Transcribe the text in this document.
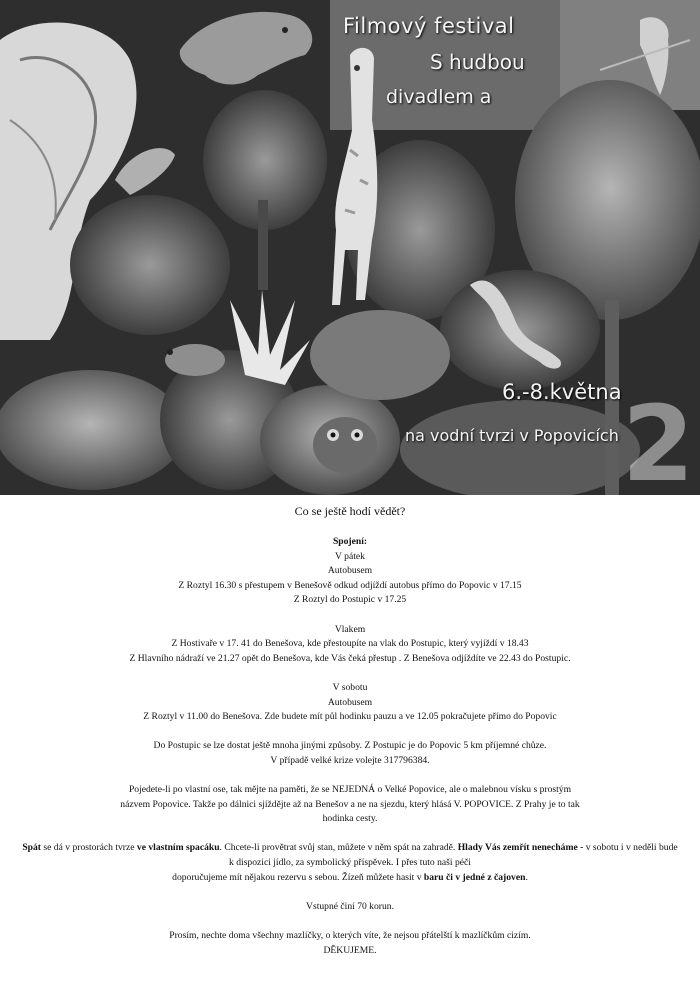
Filmový festival
S hudbou
divadlem a
6.-8.května
na vodní tvrzi v Popovicích 2

Co se ještě hodí vědět?

Spojení:

V pátek

Autobusem

Z Roztyl 16.30 s přestupem v Benešově odkud odjíždí autobus přímo do Popovic v 17.15

Z Roztyl do Postupic v 17.25

Vlakem

Z Hostivaře v 17. 41 do Benešova, kde přestoupíte na vlak do Postupic, který vyjíždí v 18.43

Z Hlavního nádraží ve 21.27 opět do Benešova, kde Vás čeká přestup . Z Benešova odjíždíte ve 22.43 do Postupic.

V sobotu

Autobusem

Z Roztyl v 11.00 do Benešova. Zde budete mít půl hodinku pauzu a ve 12.05 pokračujete přímo do Popovic

Do Postupic se lze dostat ještě mnoha jinými způsoby. Z Postupic je do Popovic 5 km příjemné chůze.

V případě velké krize volejte 317796384.

Pojedete-li po vlastní ose, tak mějte na paměti, že se NEJEDNÁ o Velké Popovice, ale o malebnou vísku s prostým

názvem Popovice. Takže po dálnici sjíždějte až na Benešov a ne na sjezdu, který hlásá V. POPOVICE. Z Prahy je to tak

hodinka cesty.

Spát se dá v prostorách tvrze ve vlastním spacáku. Chcete-li provětrat svůj stan, můžete v něm spát na zahradě. Hlady Vás zemřít nenecháme - v sobotu i v neděli bude

k dispozici jídlo, za symbolický příspěvek. I přes tuto naši péči

doporučujeme mít nějakou rezervu s sebou. Žízeň můžete hasit v baru či v jedné z čajoven.

Vstupné činí 70 korun.

Prosím, nechte doma všechny mazlíčky, o kterých víte, že nejsou přátelští k mazlíčkům cizím.

DĚKUJEME.
